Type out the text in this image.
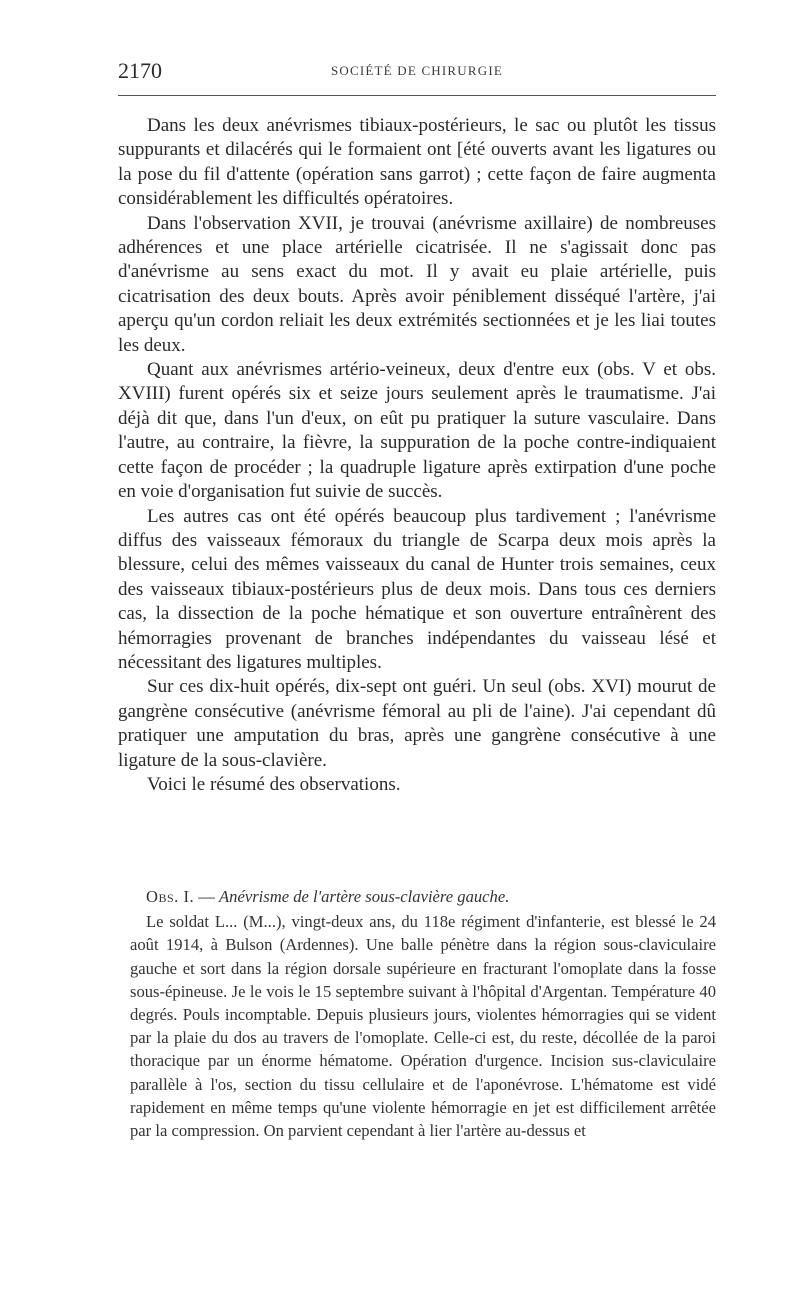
2170	SOCIÉTÉ DE CHIRURGIE

Dans les deux anévrismes tibiaux-postérieurs, le sac ou plutôt les tissus suppurants et dilacérés qui le formaient ont [été ouverts avant les ligatures ou la pose du fil d'attente (opération sans garrot) ; cette façon de faire augmenta considérablement les difficultés opératoires.

Dans l'observation XVII, je trouvai (anévrisme axillaire) de nombreuses adhérences et une place artérielle cicatrisée. Il ne s'agissait donc pas d'anévrisme au sens exact du mot. Il y avait eu plaie artérielle, puis cicatrisation des deux bouts. Après avoir péniblement disséqué l'artère, j'ai aperçu qu'un cordon reliait les deux extrémités sectionnées et je les liai toutes les deux.

Quant aux anévrismes artério-veineux, deux d'entre eux (obs. V et obs. XVIII) furent opérés six et seize jours seulement après le traumatisme. J'ai déjà dit que, dans l'un d'eux, on eût pu pratiquer la suture vasculaire. Dans l'autre, au contraire, la fièvre, la suppuration de la poche contre-indiquaient cette façon de procéder ; la quadruple ligature après extirpation d'une poche en voie d'organisation fut suivie de succès.

Les autres cas ont été opérés beaucoup plus tardivement ; l'anévrisme diffus des vaisseaux fémoraux du triangle de Scarpa deux mois après la blessure, celui des mêmes vaisseaux du canal de Hunter trois semaines, ceux des vaisseaux tibiaux-postérieurs plus de deux mois. Dans tous ces derniers cas, la dissection de la poche hématique et son ouverture entraînèrent des hémorragies provenant de branches indépendantes du vaisseau lésé et nécessitant des ligatures multiples.

Sur ces dix-huit opérés, dix-sept ont guéri. Un seul (obs. XVI) mourut de gangrène consécutive (anévrisme fémoral au pli de l'aine). J'ai cependant dû pratiquer une amputation du bras, après une gangrène consécutive à une ligature de la sous-clavière.

Voici le résumé des observations.

Obs. I. — Anévrisme de l'artère sous-clavière gauche.

Le soldat L... (M...), vingt-deux ans, du 118e régiment d'infanterie, est blessé le 24 août 1914, à Bulson (Ardennes). Une balle pénètre dans la région sous-claviculaire gauche et sort dans la région dorsale supérieure en fracturant l'omoplate dans la fosse sous-épineuse. Je le vois le 15 septembre suivant à l'hôpital d'Argentan. Température 40 degrés. Pouls incomptable. Depuis plusieurs jours, violentes hémorragies qui se vident par la plaie du dos au travers de l'omoplate. Celle-ci est, du reste, décollée de la paroi thoracique par un énorme hématome. Opération d'urgence. Incision sus-claviculaire parallèle à l'os, section du tissu cellulaire et de l'aponévrose. L'hématome est vidé rapidement en même temps qu'une violente hémorragie en jet est difficilement arrêtée par la compression. On parvient cependant à lier l'artère au-dessus et
